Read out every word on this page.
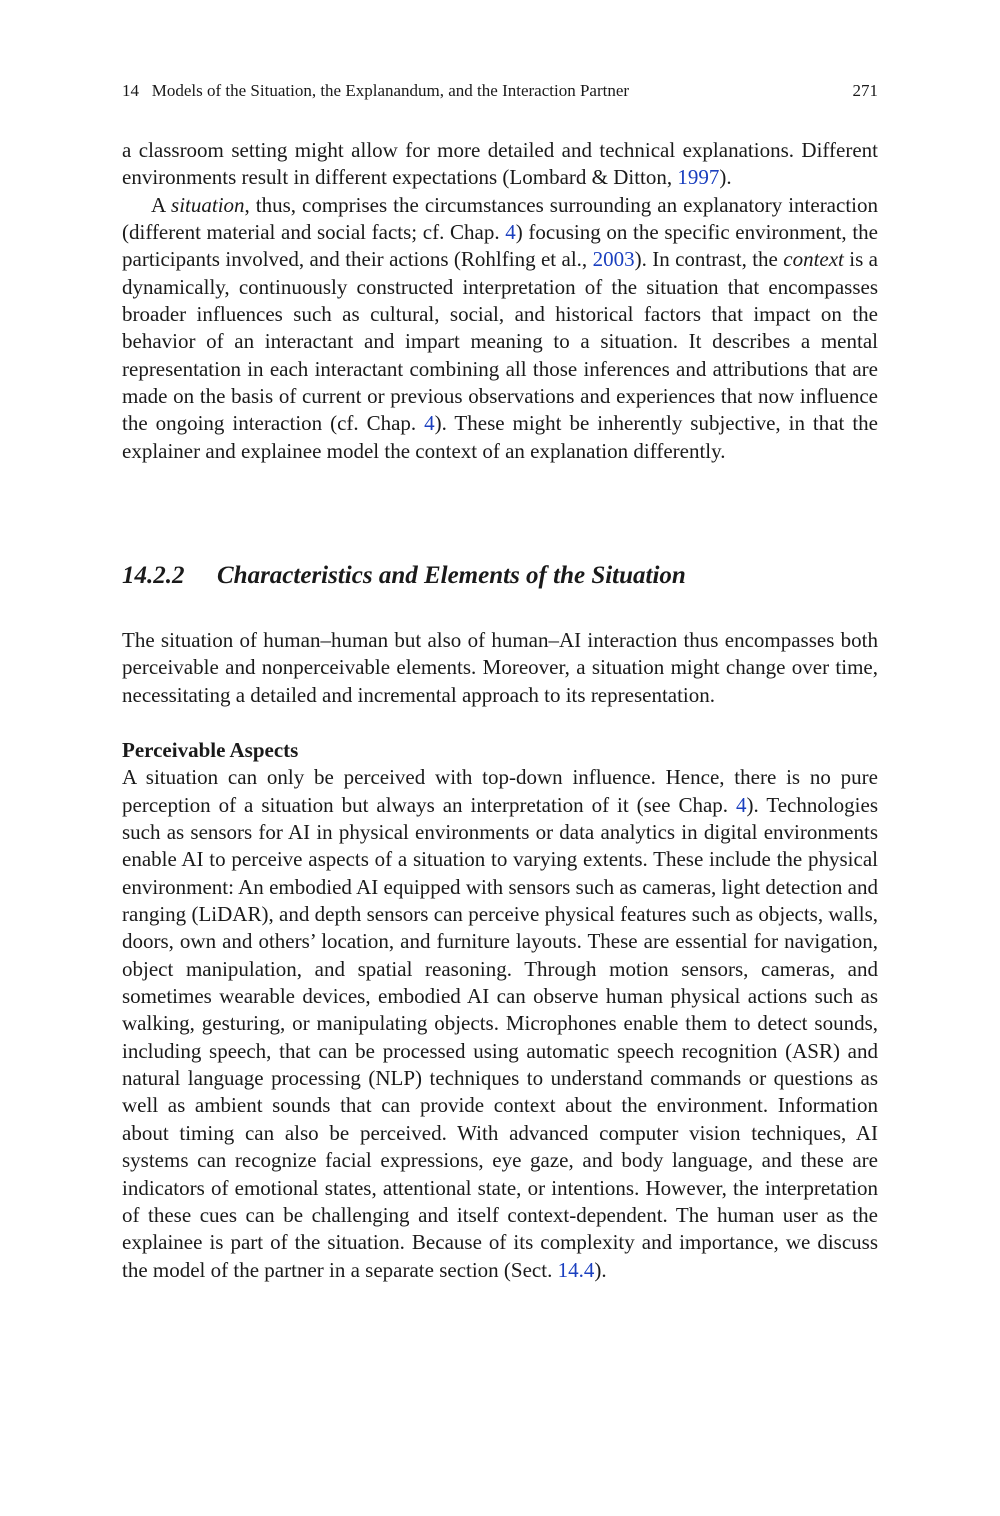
14 Models of the Situation, the Explanandum, and the Interaction Partner	271

a classroom setting might allow for more detailed and technical explanations. Different environments result in different expectations (Lombard & Ditton, 1997).

A situation, thus, comprises the circumstances surrounding an explanatory interaction (different material and social facts; cf. Chap. 4) focusing on the specific environment, the participants involved, and their actions (Rohlfing et al., 2003). In contrast, the context is a dynamically, continuously constructed interpretation of the situation that encompasses broader influences such as cultural, social, and historical factors that impact on the behavior of an interactant and impart meaning to a situation. It describes a mental representation in each interactant combining all those inferences and attributions that are made on the basis of current or previous observations and experiences that now influence the ongoing interaction (cf. Chap. 4). These might be inherently subjective, in that the explainer and explainee model the context of an explanation differently.

14.2.2 Characteristics and Elements of the Situation

The situation of human–human but also of human–AI interaction thus encompasses both perceivable and nonperceivable elements. Moreover, a situation might change over time, necessitating a detailed and incremental approach to its representation.

Perceivable Aspects

A situation can only be perceived with top-down influence. Hence, there is no pure perception of a situation but always an interpretation of it (see Chap. 4). Technologies such as sensors for AI in physical environments or data analytics in digital environments enable AI to perceive aspects of a situation to varying extents. These include the physical environment: An embodied AI equipped with sensors such as cameras, light detection and ranging (LiDAR), and depth sensors can perceive physical features such as objects, walls, doors, own and others’ location, and furniture layouts. These are essential for navigation, object manipulation, and spatial reasoning. Through motion sensors, cameras, and sometimes wearable devices, embodied AI can observe human physical actions such as walking, gesturing, or manipulating objects. Microphones enable them to detect sounds, including speech, that can be processed using automatic speech recognition (ASR) and natural language processing (NLP) techniques to understand commands or questions as well as ambient sounds that can provide context about the environment. Information about timing can also be perceived. With advanced computer vision techniques, AI systems can recognize facial expressions, eye gaze, and body language, and these are indicators of emotional states, attentional state, or intentions. However, the interpretation of these cues can be challenging and itself context-dependent. The human user as the explainee is part of the situation. Because of its complexity and importance, we discuss the model of the partner in a separate section (Sect. 14.4).
